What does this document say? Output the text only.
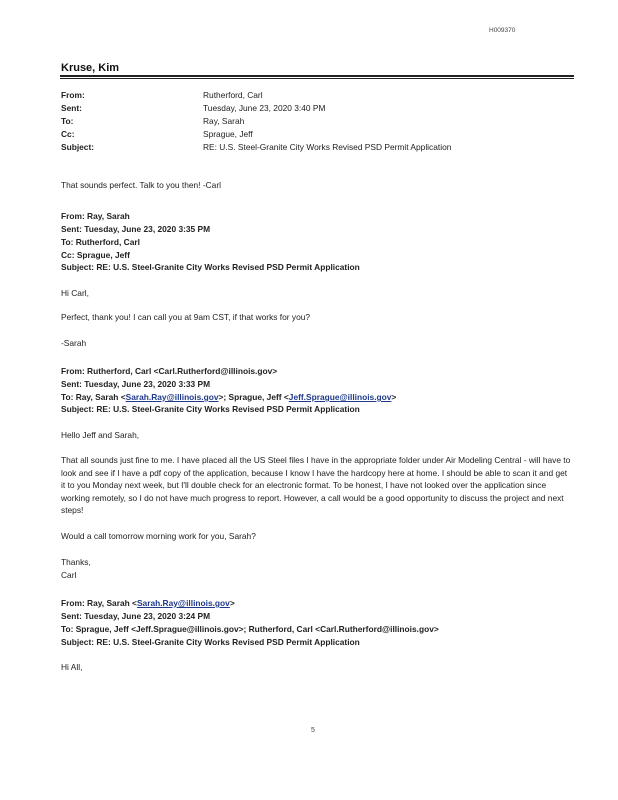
H009370
Kruse, Kim
From:	Rutherford, Carl
Sent:	Tuesday, June 23, 2020 3:40 PM
To:	Ray, Sarah
Cc:	Sprague, Jeff
Subject:	RE: U.S. Steel-Granite City Works Revised PSD Permit Application
That sounds perfect. Talk to you then! -Carl
From: Ray, Sarah
Sent: Tuesday, June 23, 2020 3:35 PM
To: Rutherford, Carl
Cc: Sprague, Jeff
Subject: RE: U.S. Steel-Granite City Works Revised PSD Permit Application
Hi Carl,
Perfect, thank you! I can call you at 9am CST, if that works for you?
-Sarah
From: Rutherford, Carl <Carl.Rutherford@illinois.gov>
Sent: Tuesday, June 23, 2020 3:33 PM
To: Ray, Sarah <Sarah.Ray@illinois.gov>; Sprague, Jeff <Jeff.Sprague@illinois.gov>
Subject: RE: U.S. Steel-Granite City Works Revised PSD Permit Application
Hello Jeff and Sarah,
That all sounds just fine to me. I have placed all the US Steel files I have in the appropriate folder under Air Modeling Central - will have to look and see if I have a pdf copy of the application, because I know I have the hardcopy here at home. I should be able to scan it and get it to you Monday next week, but I'll double check for an electronic format. To be honest, I have not looked over the application since working remotely, so I do not have much progress to report. However, a call would be a good opportunity to discuss the project and next steps!
Would a call tomorrow morning work for you, Sarah?
Thanks,
Carl
From: Ray, Sarah <Sarah.Ray@illinois.gov>
Sent: Tuesday, June 23, 2020 3:24 PM
To: Sprague, Jeff <Jeff.Sprague@illinois.gov>; Rutherford, Carl <Carl.Rutherford@illinois.gov>
Subject: RE: U.S. Steel-Granite City Works Revised PSD Permit Application
Hi All,
5
